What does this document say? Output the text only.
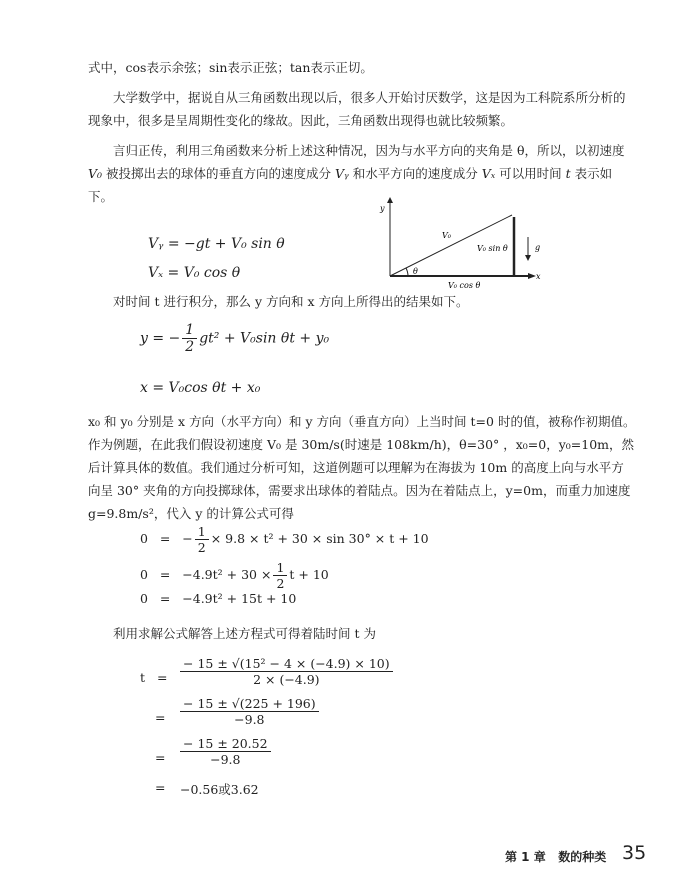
式中，cos表示余弦；sin表示正弦；tan表示正切。
大学数学中，据说自从三角函数出现以后，很多人开始讨厌数学，这是因为工科院系所分析的现象中，很多是呈周期性变化的缘故。因此，三角函数出现得也就比较频繁。
言归正传，利用三角函数来分析上述这种情况，因为与水平方向的夹角是 θ，所以，以初速度 V₀ 被投掷出去的球体的垂直方向的速度成分 Vᵧ 和水平方向的速度成分 Vₓ 可以用时间 t 表示如下。
Vᵧ = −gt + V₀ sin θ
Vₓ = V₀ cos θ
y
x
V₀
V₀ sin θ
V₀ cos θ
θ
g
对时间 t 进行积分，那么 y 方向和 x 方向上所得出的结果如下。
y = − $\frac{1}{2} gt^2 + V_0\sin$ θt + y₀
x = V₀cos θt + x₀
x₀ 和 y₀ 分别是 x 方向（水平方向）和 y 方向（垂直方向）上当时间 t=0 时的值，被称作初期值。作为例题，在此我们假设初速度 V₀ 是 30m/s(时速是 108km/h)，θ=30° ，x₀=0，y₀=10m，然后计算具体的数值。我们通过分析可知，这道例题可以理解为在海拔为 10m 的高度上向与水平方向呈 30° 夹角的方向投掷球体，需要求出球体的着陆点。因为在着陆点上，y=0m，而重力加速度 g=9.8m/s²，代入 y 的计算公式可得
0   =   − $\frac{1}{2} \times 9.8 \times t^2 + 30 \times \sin 30^\circ \times t + 10$
$0 = -4.9t^2 + 30 \times \frac{1}{2}$ t + 10
0   =   −4.9t² + 15t + 10
利用求解公式解答上述方程式可得着陆时间 t 为
$t = \frac{\text{− 15 ± √(15² − 4 × (−4.9) × 10)}}{2 \times (-4.9)}$
= $\frac{- 15 \pm √(225 + 196)}{-9.8}$
= $\frac{- 15 \pm 20.52}{-9.8}$
= −0.56或3.62
第 1 章   数的种类 35
